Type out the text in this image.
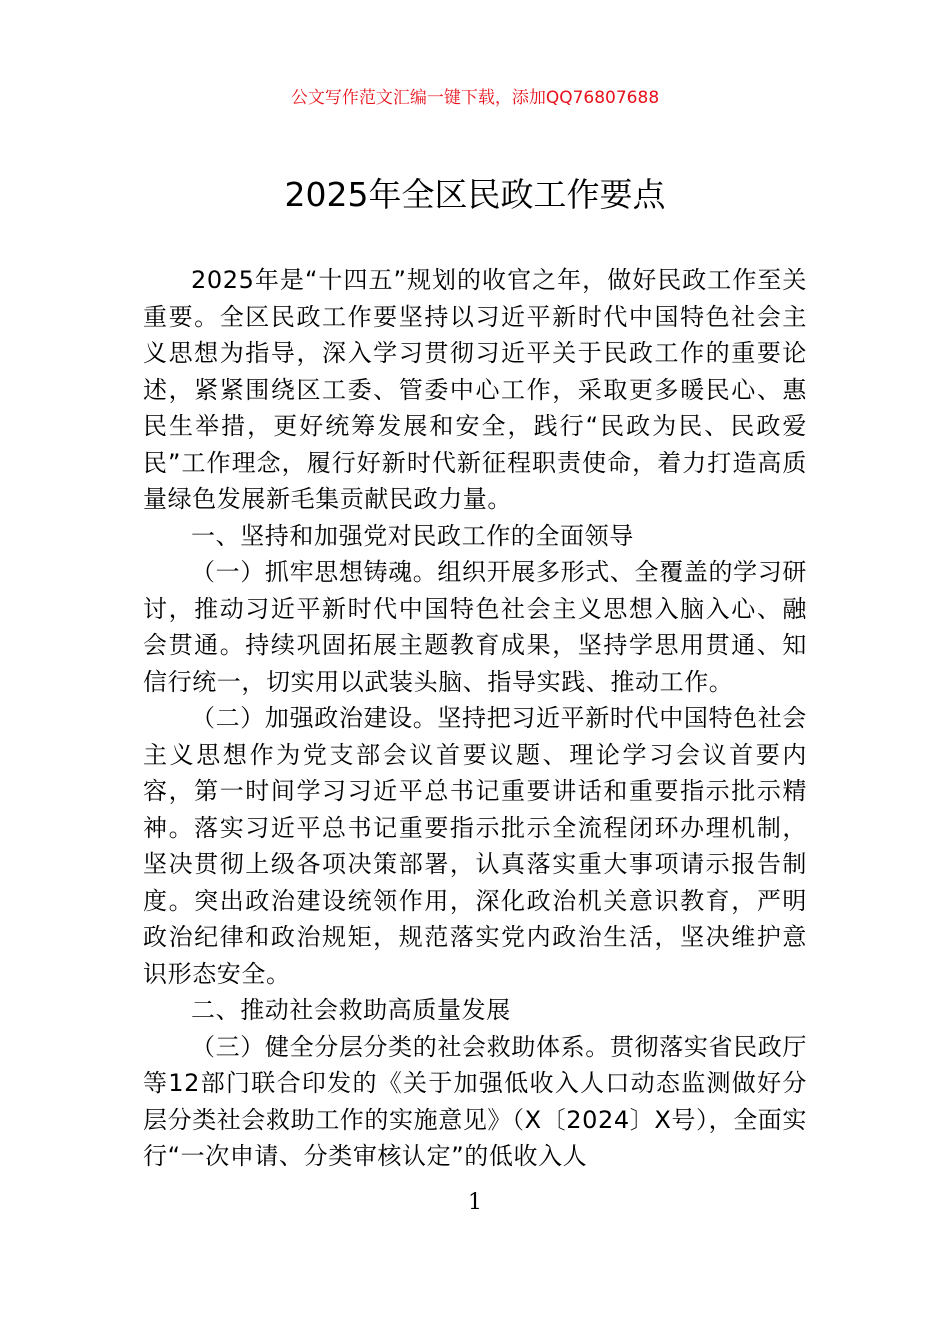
公文写作范文汇编一键下载，添加QQ76807688
2025年全区民政工作要点

2025年是“十四五”规划的收官之年，做好民政工作至关重要。全区民政工作要坚持以习近平新时代中国特色社会主义思想为指导，深入学习贯彻习近平关于民政工作的重要论述，紧紧围绕区工委、管委中心工作，采取更多暖民心、惠民生举措，更好统筹发展和安全，践行“民政为民、民政爱民”工作理念，履行好新时代新征程职责使命，着力打造高质量绿色发展新毛集贡献民政力量。

一、坚持和加强党对民政工作的全面领导

（一）抓牢思想铸魂。组织开展多形式、全覆盖的学习研讨，推动习近平新时代中国特色社会主义思想入脑入心、融会贯通。持续巩固拓展主题教育成果，坚持学思用贯通、知信行统一，切实用以武装头脑、指导实践、推动工作。

（二）加强政治建设。坚持把习近平新时代中国特色社会主义思想作为党支部会议首要议题、理论学习会议首要内容，第一时间学习习近平总书记重要讲话和重要指示批示精神。落实习近平总书记重要指示批示全流程闭环办理机制，坚决贯彻上级各项决策部署，认真落实重大事项请示报告制度。突出政治建设统领作用，深化政治机关意识教育，严明政治纪律和政治规矩，规范落实党内政治生活，坚决维护意识形态安全。

二、推动社会救助高质量发展

（三）健全分层分类的社会救助体系。贯彻落实省民政厅等12部门联合印发的《关于加强低收入人口动态监测做好分层分类社会救助工作的实施意见》（X〔2024〕X号），全面实行“一次申请、分类审核认定”的低收入人

1
